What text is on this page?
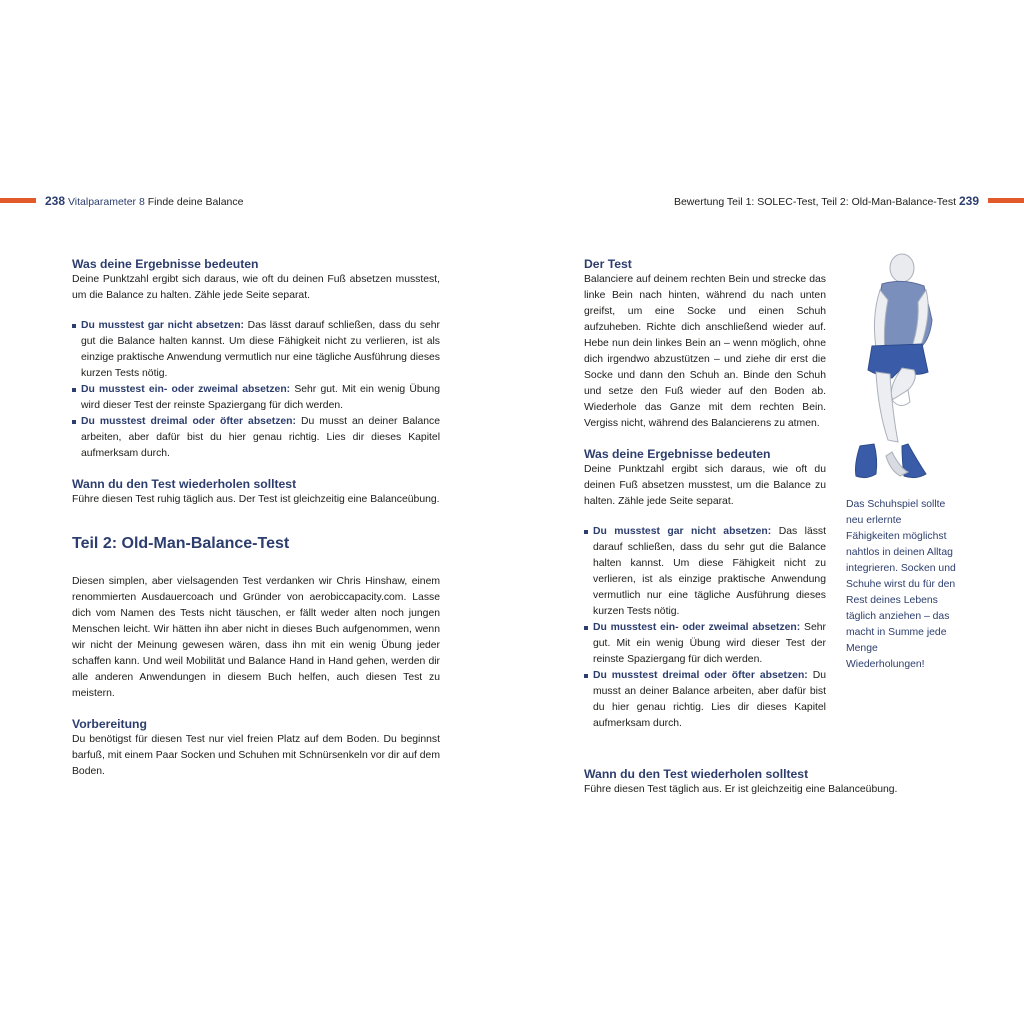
238 Vitalparameter 8 Finde deine Balance	Bewertung Teil 1: SOLEC-Test, Teil 2: Old-Man-Balance-Test 239
Was deine Ergebnisse bedeuten

Deine Punktzahl ergibt sich daraus, wie oft du deinen Fuß absetzen musstest, um die Balance zu halten. Zähle jede Seite separat.

Du musstest gar nicht absetzen: Das lässt darauf schließen, dass du sehr gut die Balance halten kannst. Um diese Fähigkeit nicht zu verlieren, ist als einzige praktische Anwendung vermutlich nur eine tägliche Ausführung dieses kurzen Tests nötig.
Du musstest ein- oder zweimal absetzen: Sehr gut. Mit ein wenig Übung wird dieser Test der reinste Spaziergang für dich werden.
Du musstest dreimal oder öfter absetzen: Du musst an deiner Balance arbeiten, aber dafür bist du hier genau richtig. Lies dir dieses Kapitel aufmerksam durch.
Wann du den Test wiederholen solltest

Führe diesen Test ruhig täglich aus. Der Test ist gleichzeitig eine Balanceübung.

Teil 2: Old-Man-Balance-Test

Diesen simplen, aber vielsagenden Test verdanken wir Chris Hinshaw, einem renommierten Ausdauercoach und Gründer von aerobiccapacity.com. Lasse dich vom Namen des Tests nicht täuschen, er fällt weder alten noch jungen Menschen leicht. Wir hätten ihn aber nicht in dieses Buch aufgenommen, wenn wir nicht der Meinung gewesen wären, dass ihn mit ein wenig Übung jeder schaffen kann. Und weil Mobilität und Balance Hand in Hand gehen, werden dir alle anderen Anwendungen in diesem Buch helfen, auch diesen Test zu meistern.

Vorbereitung

Du benötigst für diesen Test nur viel freien Platz auf dem Boden. Du beginnst barfuß, mit einem Paar Socken und Schuhen mit Schnürsenkeln vor dir auf dem Boden.

Der Test

Balanciere auf deinem rechten Bein und strecke das linke Bein nach hinten, während du nach unten greifst, um eine Socke und einen Schuh aufzuheben. Richte dich anschließend wieder auf. Hebe nun dein linkes Bein an – wenn möglich, ohne dich irgendwo abzustützen – und ziehe dir erst die Socke und dann den Schuh an. Binde den Schuh und setze den Fuß wieder auf den Boden ab. Wiederhole das Ganze mit dem rechten Bein. Vergiss nicht, während des Balancierens zu atmen.

Was deine Ergebnisse bedeuten

Deine Punktzahl ergibt sich daraus, wie oft du deinen Fuß absetzen musstest, um die Balance zu halten. Zähle jede Seite separat.

Du musstest gar nicht absetzen: Das lässt darauf schließen, dass du sehr gut die Balance halten kannst. Um diese Fähigkeit nicht zu verlieren, ist als einzige praktische Anwendung vermutlich nur eine tägliche Ausführung dieses kurzen Tests nötig.
Du musstest ein- oder zweimal absetzen: Sehr gut. Mit ein wenig Übung wird dieser Test der reinste Spaziergang für dich werden.
Du musstest dreimal oder öfter absetzen: Du musst an deiner Balance arbeiten, aber dafür bist du hier genau richtig. Lies dir dieses Kapitel aufmerksam durch.
Wann du den Test wiederholen solltest

Führe diesen Test täglich aus. Er ist gleichzeitig eine Balanceübung.

Das Schuhspiel sollte neu erlernte Fähigkeiten möglichst nahtlos in deinen Alltag integrieren. Socken und Schuhe wirst du für den Rest deines Lebens täglich anziehen – das macht in Summe jede Menge Wiederholungen!
